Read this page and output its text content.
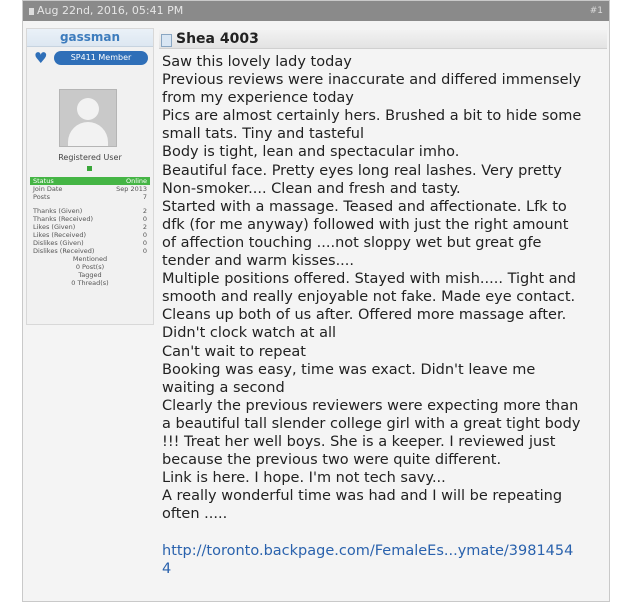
Aug 22nd, 2016, 05:41 PM	#1
gassman
♥	SP411 Member
Registered User
Status	Online
Join Date	Sep 2013
Posts	7
Thanks (Given)	2
Thanks (Received)	0
Likes (Given)	2
Likes (Received)	0
Dislikes (Given)	0
Dislikes (Received)	0
Mentioned
0 Post(s)
Tagged
0 Thread(s)
Shea 4003
Saw this lovely lady today
Previous reviews were inaccurate and differed immensely
from my experience today
Pics are almost certainly hers. Brushed a bit to hide some
small tats. Tiny and tasteful
Body is tight, lean and spectacular imho.
Beautiful face. Pretty eyes long real lashes. Very pretty
Non-smoker.... Clean and fresh and tasty.
Started with a massage. Teased and affectionate. Lfk to
dfk (for me anyway) followed with just the right amount
of affection touching ....not sloppy wet but great gfe
tender and warm kisses....
Multiple positions offered. Stayed with mish..... Tight and
smooth and really enjoyable not fake. Made eye contact.
Cleans up both of us after. Offered more massage after.
Didn't clock watch at all
Can't wait to repeat
Booking was easy, time was exact. Didn't leave me
waiting a second
Clearly the previous reviewers were expecting more than
a beautiful tall slender college girl with a great tight body
!!! Treat her well boys. She is a keeper. I reviewed just
because the previous two were quite different.
Link is here. I hope. I'm not tech savy...
A really wonderful time was had and I will be repeating
often .....
http://toronto.backpage.com/FemaleEs...ymate/3981454
4
